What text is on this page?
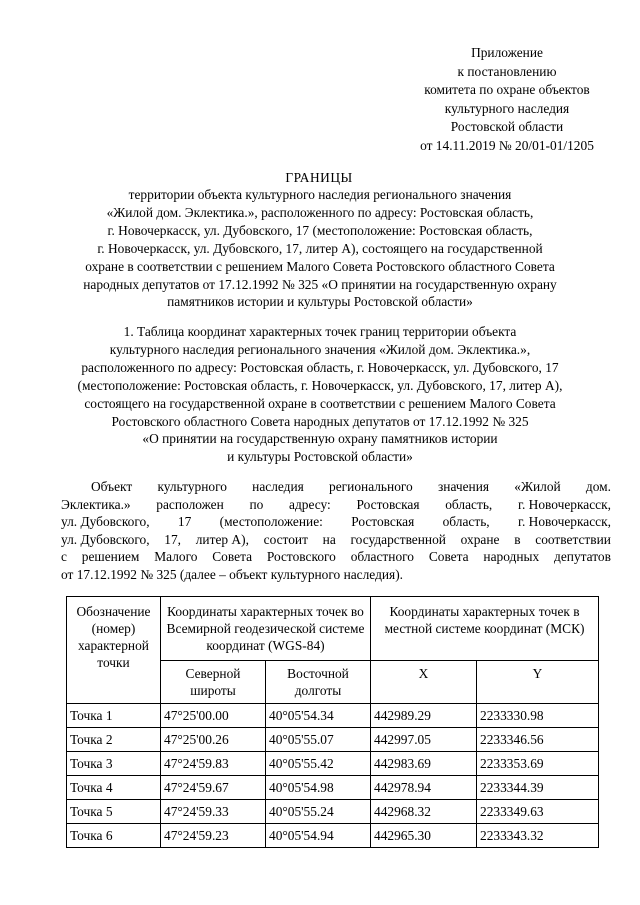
Приложение
к постановлению
комитета по охране объектов
культурного наследия
Ростовской области
от 14.11.2019 № 20/01-01/1205
ГРАНИЦЫ
территории объекта культурного наследия регионального значения
«Жилой дом. Эклектика.», расположенного по адресу: Ростовская область,
г. Новочеркасск, ул. Дубовского, 17 (местоположение: Ростовская область,
г. Новочеркасск, ул. Дубовского, 17, литер А), состоящего на государственной
охране в соответствии с решением Малого Совета Ростовского областного Совета
народных депутатов от 17.12.1992 № 325 «О принятии на государственную охрану
памятников истории и культуры Ростовской области»
1. Таблица координат характерных точек границ территории объекта
культурного наследия регионального значения «Жилой дом. Эклектика.»,
расположенного по адресу: Ростовская область, г. Новочеркасск, ул. Дубовского, 17
(местоположение: Ростовская область, г. Новочеркасск, ул. Дубовского, 17, литер А),
состоящего на государственной охране в соответствии с решением Малого Совета
Ростовского областного Совета народных депутатов от 17.12.1992 № 325
«О принятии на государственную охрану памятников истории
и культуры Ростовской области»
Объект культурного наследия регионального значения «Жилой дом.
Эклектика.» расположен по адресу: Ростовская область, г. Новочеркасск,
ул. Дубовского, 17 (местоположение: Ростовская область, г. Новочеркасск,
ул. Дубовского, 17, литер А), состоит на государственной охране в соответствии
с решением Малого Совета Ростовского областного Совета народных депутатов
от 17.12.1992 № 325 (далее – объект культурного наследия).
Обозначение (номер) характерной точки	Координаты характерных точек во Всемирной геодезической системе координат (WGS-84)		Координаты характерных точек в местной системе координат (МСК)	
	Северной широты	Восточной долготы	X	Y
Точка 1	47°25'00.00	40°05'54.34	442989.29	2233330.98
Точка 2	47°25'00.26	40°05'55.07	442997.05	2233346.56
Точка 3	47°24'59.83	40°05'55.42	442983.69	2233353.69
Точка 4	47°24'59.67	40°05'54.98	442978.94	2233344.39
Точка 5	47°24'59.33	40°05'55.24	442968.32	2233349.63
Точка 6	47°24'59.23	40°05'54.94	442965.30	2233343.32
